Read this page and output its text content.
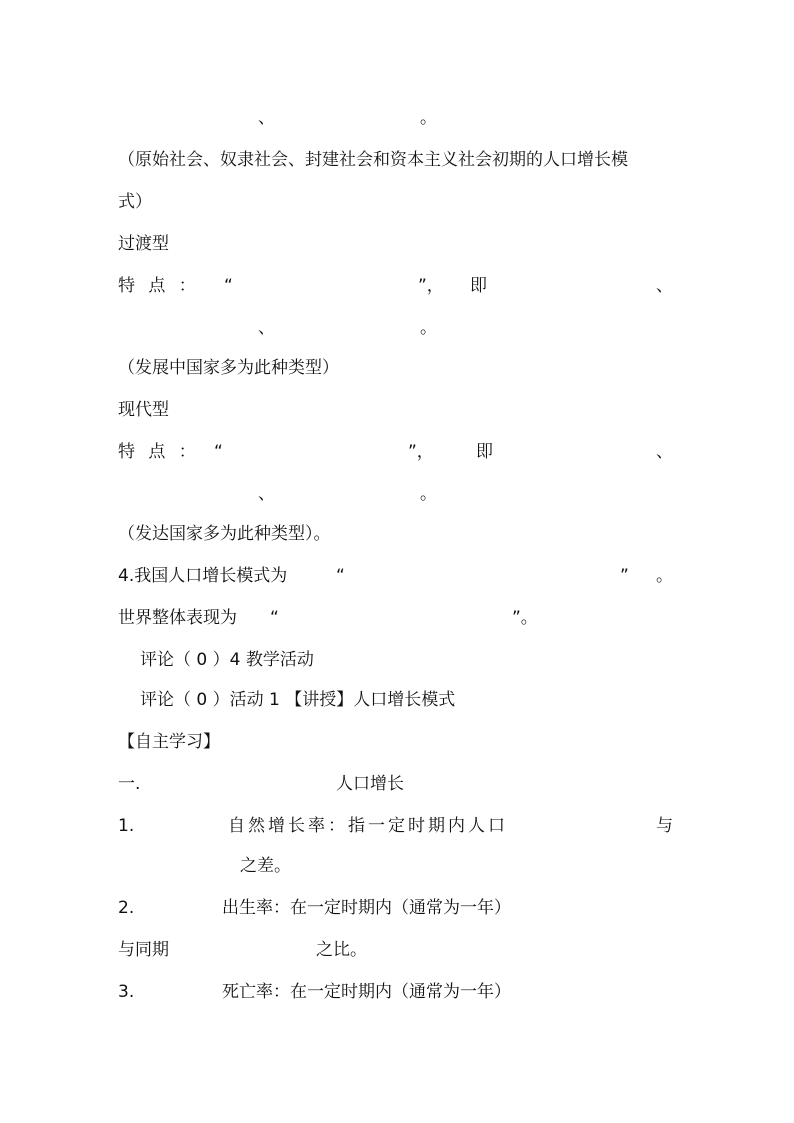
、	。
（原始社会、奴隶社会、封建社会和资本主义社会初期的人口增长模
式）
过渡型
特 点 ： “	”， 即	、
、	。
（发展中国家多为此种类型）
现代型
特 点 ： “	”， 即	、
、	。
（发达国家多为此种类型）。
4.我国人口增长模式为	“	” 。
世界整体表现为 “	”。
评论（ 0 ）4 教学活动
评论（ 0 ）活动 1 【讲授】人口增长模式
【自主学习】
一.	人口增长
1.	自然增长率：指一定时期内人口	与
之差。
2.	出生率：在一定时期内（通常为一年）
与同期	之比。
3.	死亡率：在一定时期内（通常为一年）
